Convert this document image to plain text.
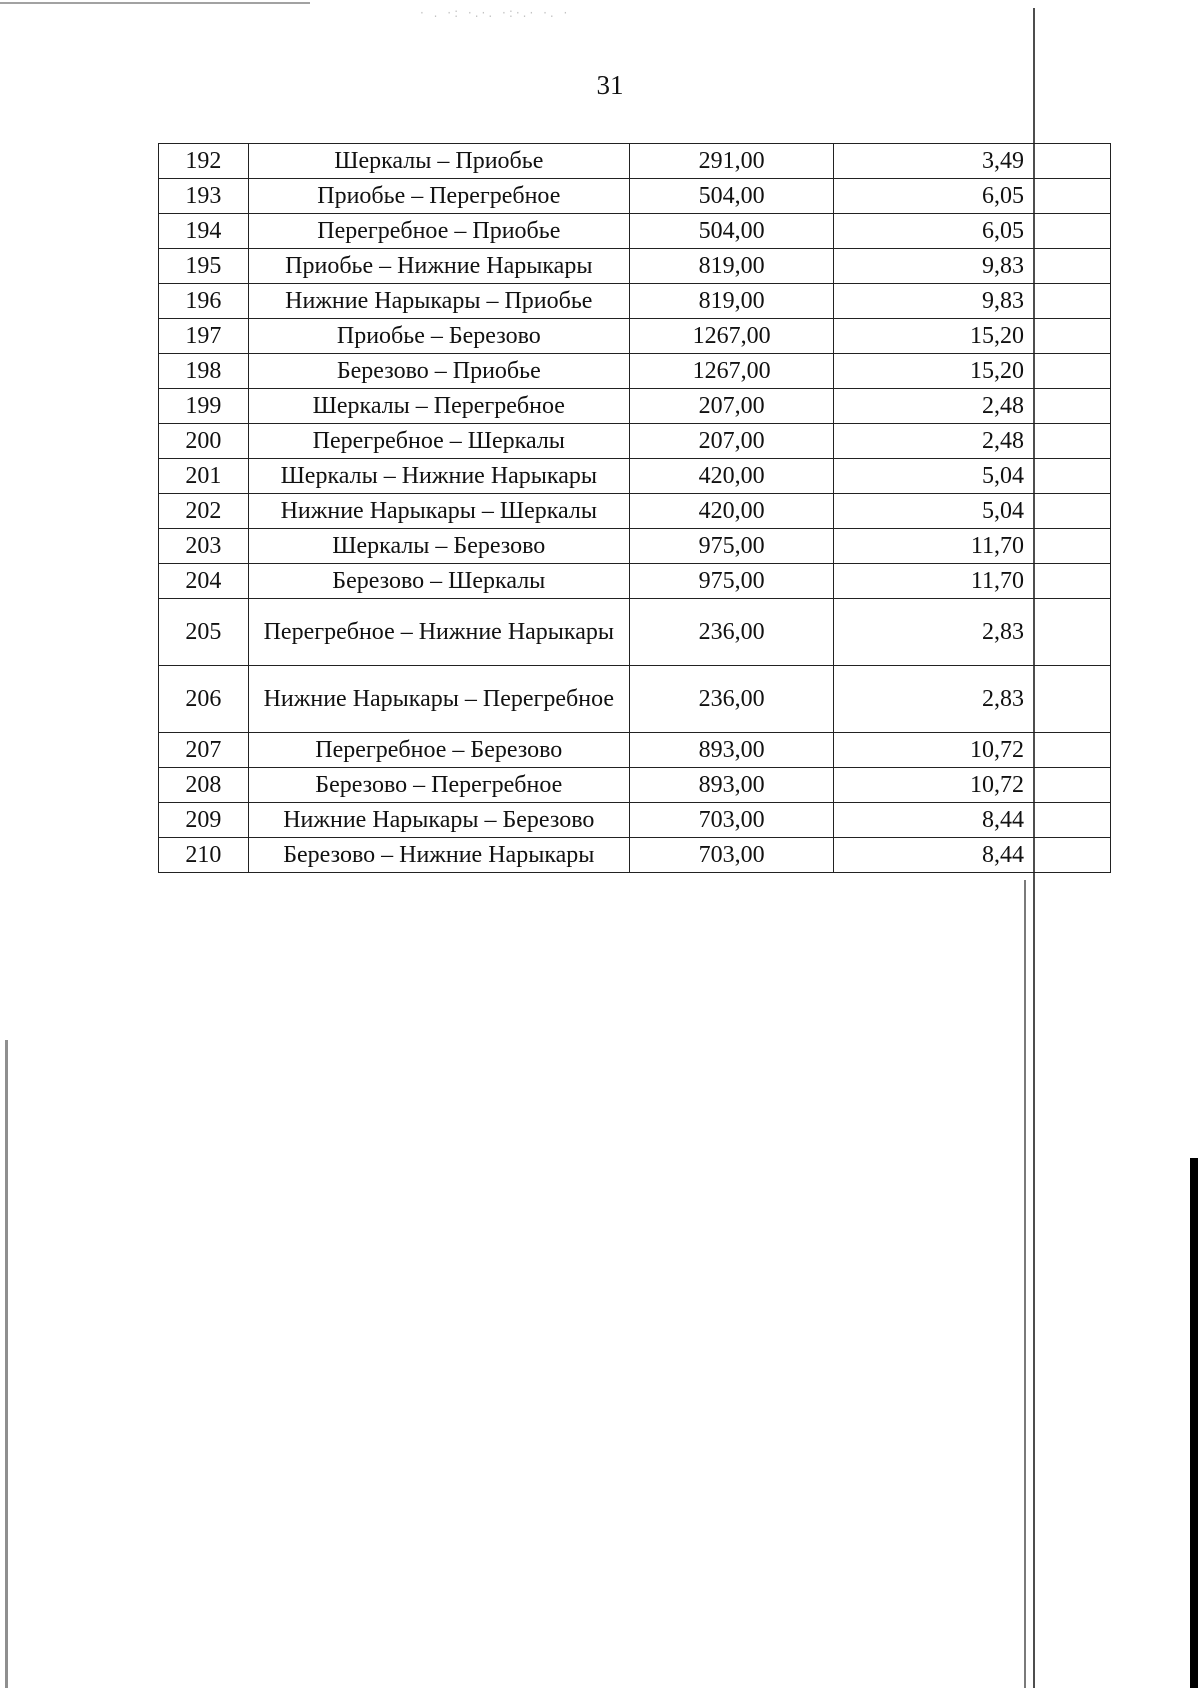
· . ·: ·.·. ·:·.· ·. ·
31
192	Шеркалы – Приобье	291,00	3,49
193	Приобье – Перегребное	504,00	6,05
194	Перегребное – Приобье	504,00	6,05
195	Приобье – Нижние Нарыкары	819,00	9,83
196	Нижние Нарыкары – Приобье	819,00	9,83
197	Приобье – Березово	1267,00	15,20
198	Березово – Приобье	1267,00	15,20
199	Шеркалы – Перегребное	207,00	2,48
200	Перегребное – Шеркалы	207,00	2,48
201	Шеркалы – Нижние Нарыкары	420,00	5,04
202	Нижние Нарыкары – Шеркалы	420,00	5,04
203	Шеркалы – Березово	975,00	11,70
204	Березово – Шеркалы	975,00	11,70
205	Перегребное – Нижние Нарыкары	236,00	2,83
206	Нижние Нарыкары – Перегребное	236,00	2,83
207	Перегребное – Березово	893,00	10,72
208	Березово – Перегребное	893,00	10,72
209	Нижние Нарыкары – Березово	703,00	8,44
210	Березово – Нижние Нарыкары	703,00	8,44
